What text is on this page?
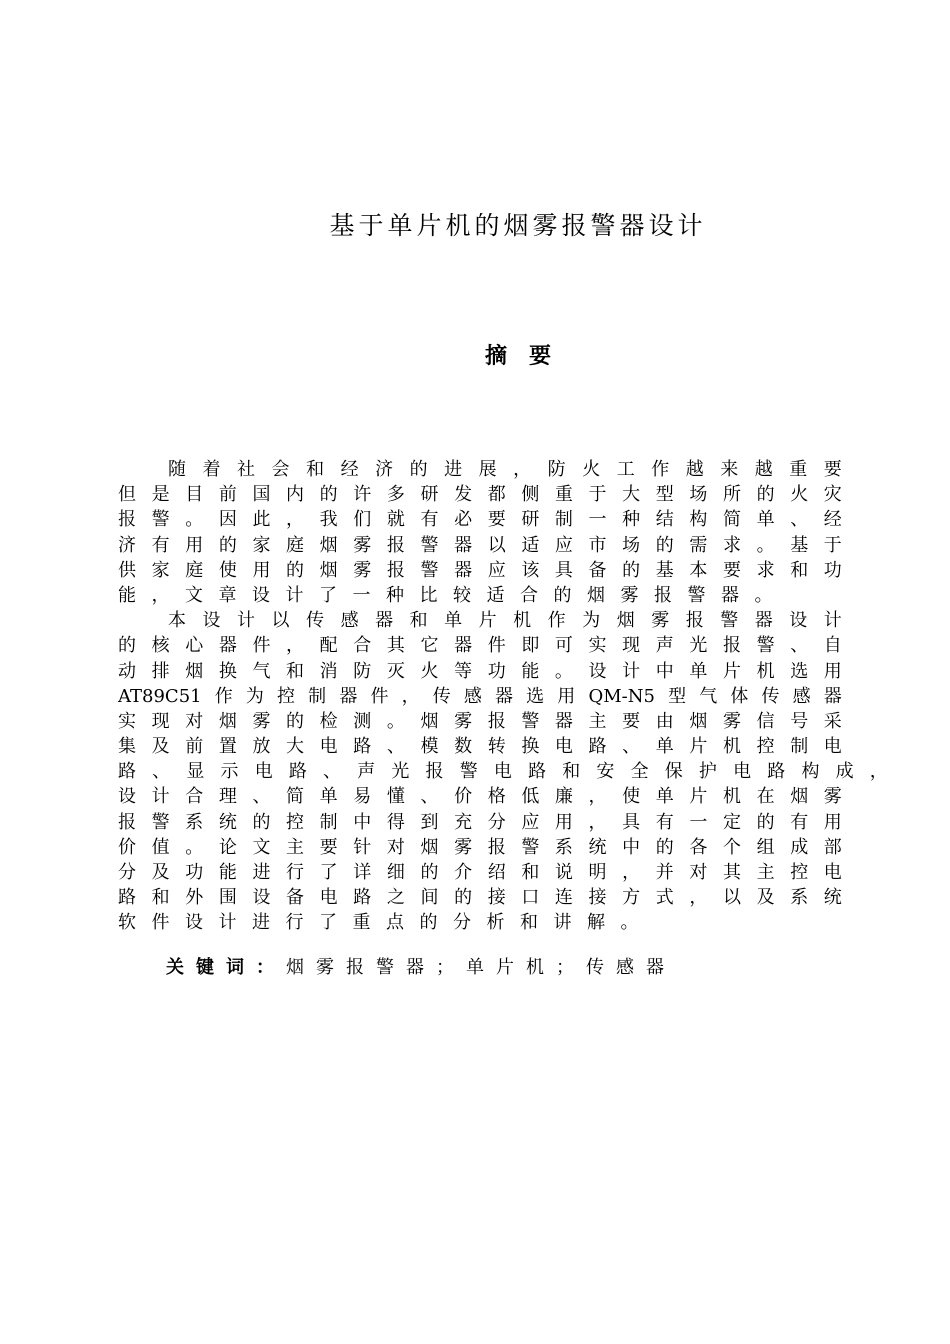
基于单片机的烟雾报警器设计
摘 要
随 着 社 会 和 经 济 的 进 展 ， 防 火 工 作 越 来 越 重 要
但 是 目 前 国 内 的 许 多 研 发 都 侧 重 于 大 型 场 所 的 火 灾
报 警 。 因 此 ， 我 们 就 有 必 要 研 制 一 种 结 构 简 单 、 经
济 有 用 的 家 庭 烟 雾 报 警 器 以 适 应 市 场 的 需 求 。 基 于
供 家 庭 使 用 的 烟 雾 报 警 器 应 该 具 备 的 基 本 要 求 和 功
能 ， 文 章 设 计 了 一 种 比 较 适 合 的 烟 雾 报 警 器 。
本 设 计 以 传 感 器 和 单 片 机 作 为 烟 雾 报 警 器 设 计
的 核 心 器 件 ， 配 合 其 它 器 件 即 可 实 现 声 光 报 警 、 自
动 排 烟 换 气 和 消 防 灭 火 等 功 能 。 设 计 中 单 片 机 选 用
AT89C51 作 为 控 制 器 件 ， 传 感 器 选 用 QM-N5 型 气 体 传 感 器
实 现 对 烟 雾 的 检 测 。 烟 雾 报 警 器 主 要 由 烟 雾 信 号 采
集 及 前 置 放 大 电 路 、 模 数 转 换 电 路 、 单 片 机 控 制 电
路 、 显 示 电 路 、 声 光 报 警 电 路 和 安 全 保 护 电 路 构 成 ，
设 计 合 理 、 简 单 易 懂 、 价 格 低 廉 ， 使 单 片 机 在 烟 雾
报 警 系 统 的 控 制 中 得 到 充 分 应 用 ， 具 有 一 定 的 有 用
价 值 。 论 文 主 要 针 对 烟 雾 报 警 系 统 中 的 各 个 组 成 部
分 及 功 能 进 行 了 详 细 的 介 绍 和 说 明 ， 并 对 其 主 控 电
路 和 外 围 设 备 电 路 之 间 的 接 口 连 接 方 式 ， 以 及 系 统
软 件 设 计 进 行 了 重 点 的 分 析 和 讲 解 。
关键词：烟雾报警器；单片机；传感器
